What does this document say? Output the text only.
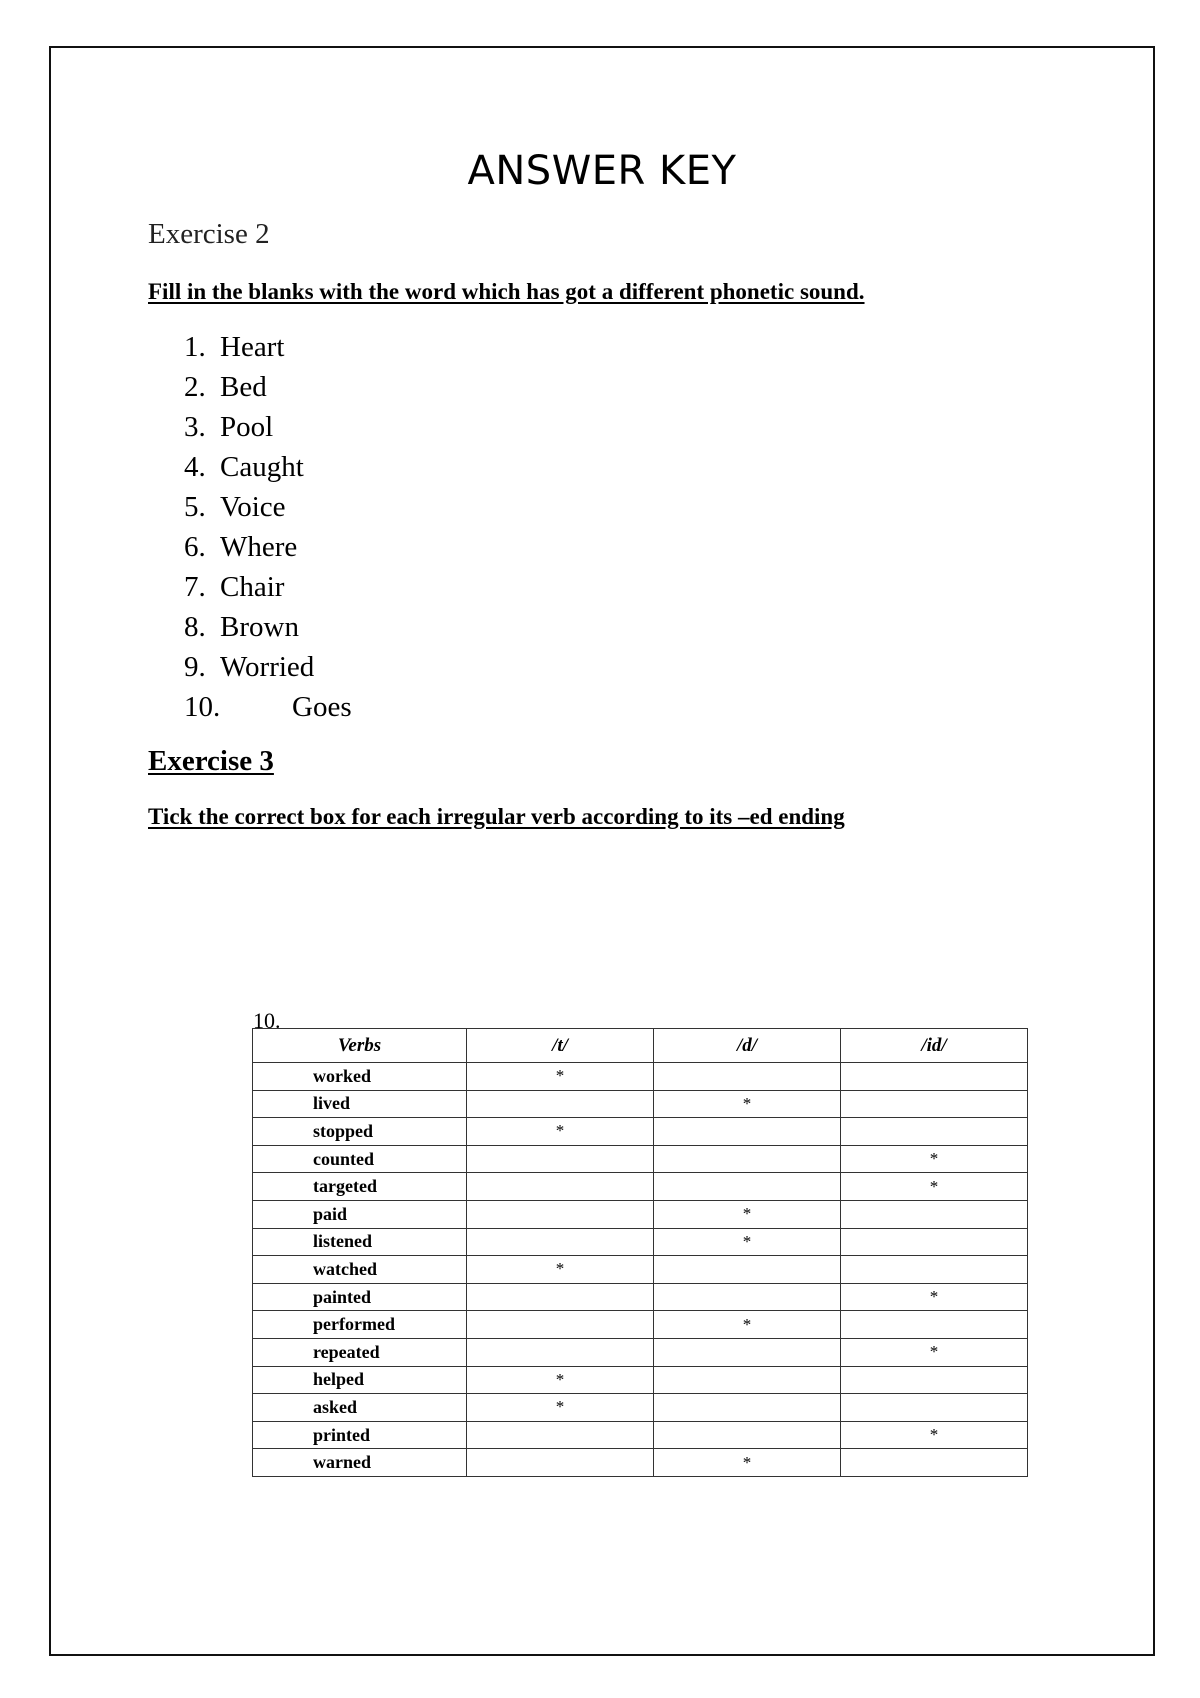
ANSWER KEY
Exercise 2
Fill in the blanks with the word which has got a different phonetic sound.
1. Heart
2. Bed
3. Pool
4. Caught
5. Voice
6. Where
7. Chair
8. Brown
9. Worried
10.	Goes
Exercise 3
Tick the correct box for each irregular verb according to its –ed ending
10.
Verbs	/t/	/d/	/id/
worked	*		
lived		*	
stopped	*		
counted			*
targeted			*
paid		*	
listened		*	
watched	*		
painted			*
performed		*	
repeated			*
helped	*		
asked	*		
printed			*
warned		*	
